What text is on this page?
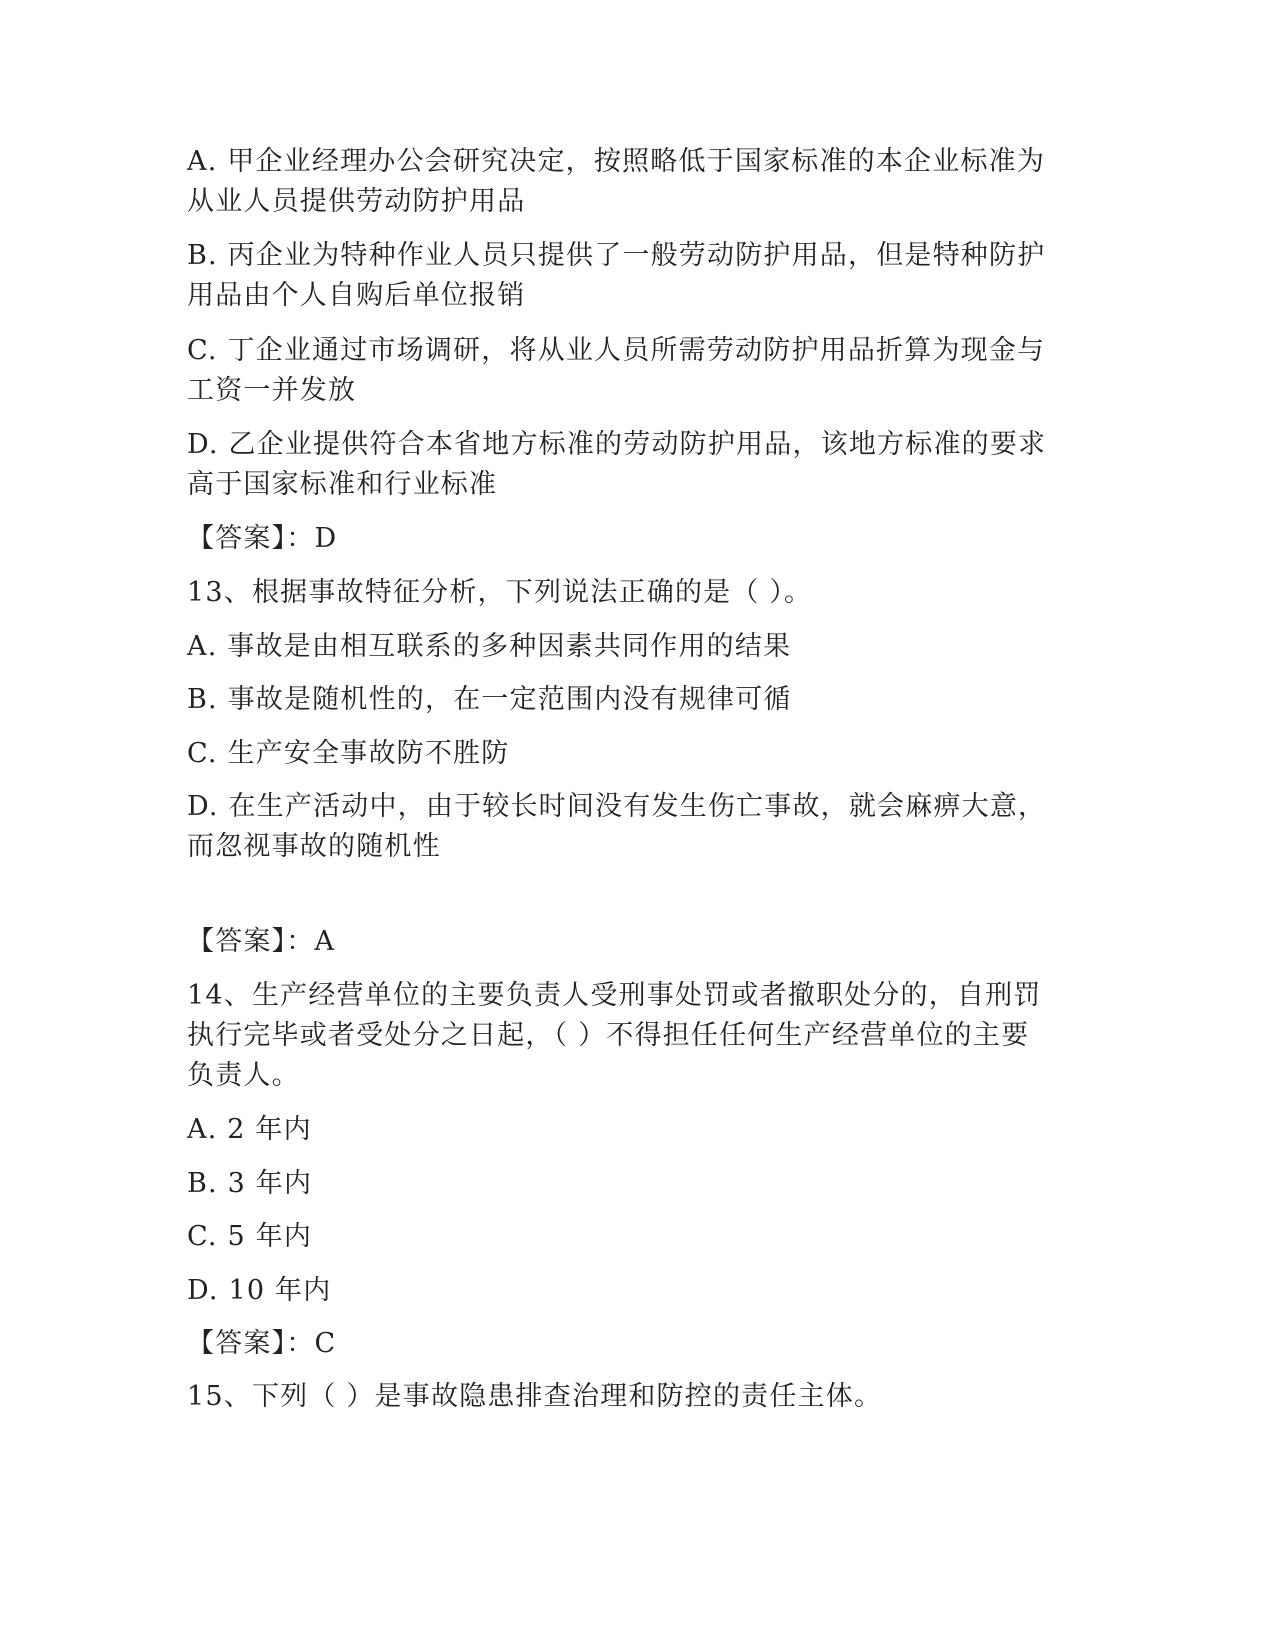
A. 甲企业经理办公会研究决定，按照略低于国家标准的本企业标准为
从业人员提供劳动防护用品
B. 丙企业为特种作业人员只提供了一般劳动防护用品，但是特种防护
用品由个人自购后单位报销
C. 丁企业通过市场调研，将从业人员所需劳动防护用品折算为现金与
工资一并发放
D. 乙企业提供符合本省地方标准的劳动防护用品，该地方标准的要求
高于国家标准和行业标准
【答案】：D
13、根据事故特征分析，下列说法正确的是（ ）。
A. 事故是由相互联系的多种因素共同作用的结果
B. 事故是随机性的，在一定范围内没有规律可循
C. 生产安全事故防不胜防
D. 在生产活动中，由于较长时间没有发生伤亡事故，就会麻痹大意，
而忽视事故的随机性
【答案】：A
14、生产经营单位的主要负责人受刑事处罚或者撤职处分的，自刑罚
执行完毕或者受处分之日起，（ ）不得担任任何生产经营单位的主要
负责人。
A. 2 年内
B. 3 年内
C. 5 年内
D. 10 年内
【答案】：C
15、下列（ ）是事故隐患排查治理和防控的责任主体。
